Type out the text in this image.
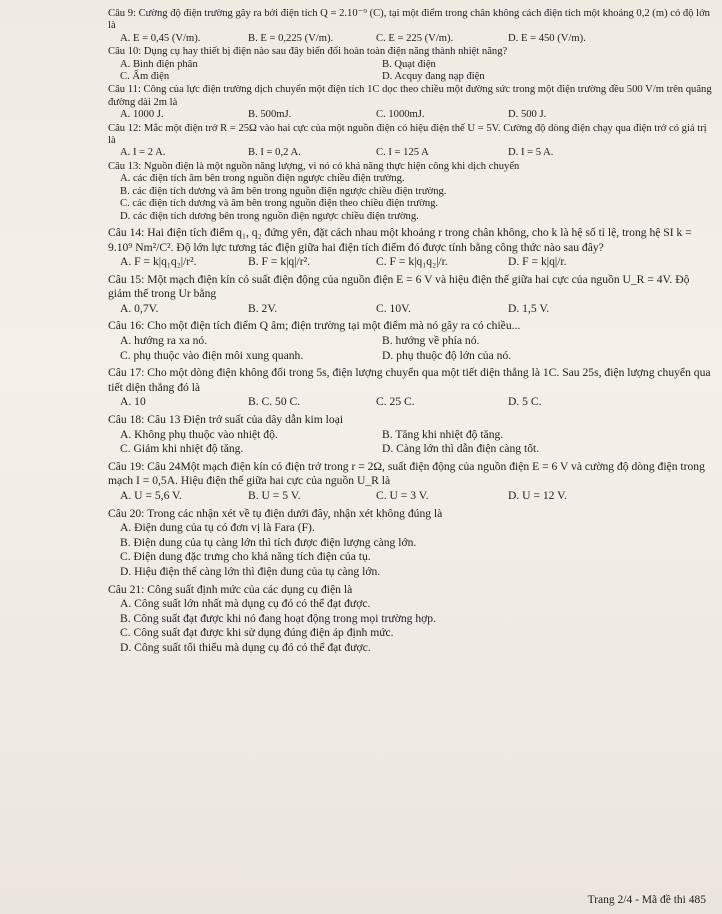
Câu 9: Cường độ điện trường gây ra bởi điện tích Q = 2.10⁻⁹ (C), tại một điểm trong chân không cách điện tích một khoảng 0,2 (m) có độ lớn là

A. E = 0,45 (V/m).	B. E = 0,225 (V/m).	C. E = 225 (V/m).	D. E = 450 (V/m).

Câu 10: Dụng cụ hay thiết bị điện nào sau đây biến đổi hoàn toàn điện năng thành nhiệt năng?

A. Bình điện phân	B. Quạt điện
C. Ấm điện	D. Acquy đang nạp điện

Câu 11: Công của lực điện trường dịch chuyển một điện tích 1C dọc theo chiều một đường sức trong một điện trường đều 500 V/m trên quãng đường dài 2m là

A. 1000 J.	B. 500mJ.	C. 1000mJ.	D. 500 J.

Câu 12: Mắc một điện trở R = 25Ω vào hai cực của một nguồn điện có hiệu điện thế U = 5V. Cường độ dòng điện chạy qua điện trở có giá trị là

A. I = 2 A.	B. I = 0,2 A.	C. I = 125 A	D. I = 5 A.

Câu 13: Nguồn điện là một nguồn năng lượng, vì nó có khả năng thực hiện công khi dịch chuyển

A. các điện tích âm bên trong nguồn điện ngược chiều điện trường.
B. các điện tích dương và âm bên trong nguồn điện ngược chiều điện trường.
C. các điện tích dương và âm bên trong nguồn điện theo chiều điện trường.
D. các điện tích dương bên trong nguồn điện ngược chiều điện trường.

Câu 14: Hai điện tích điểm q₁, q₂ đứng yên, đặt cách nhau một khoảng r trong chân không, cho k là hệ số tỉ lệ, trong hệ SI k = 9.10⁹ Nm²/C². Độ lớn lực tương tác điện giữa hai điện tích điểm đó được tính bằng công thức nào sau đây?

A. F = k|q₁q₂|/r².	B. F = k|q|/r².	C. F = k|q₁q₂|/r.	D. F = k|q|/r.

Câu 15: Một mạch điện kín có suất điện động của nguồn điện E = 6 V và hiệu điện thế giữa hai cực của nguồn U_R = 4V. Độ giảm thế trong Ur bằng

A. 0,7V.	B. 2V.	C. 10V.	D. 1,5 V.

Câu 16: Cho một điện tích điểm Q âm; điện trường tại một điểm mà nó gây ra có chiều...

A. hướng ra xa nó.	B. hướng về phía nó.
C. phụ thuộc vào điện môi xung quanh.	D. phụ thuộc độ lớn của nó.

Câu 17: Cho một dòng điện không đổi trong 5s, điện lượng chuyển qua một tiết diện thẳng là 1C. Sau 25s, điện lượng chuyển qua tiết diện thẳng đó là

A. 10	B. C. 50 C.	C. 25 C.	D. 5 C.

Câu 18: Câu 13 Điện trở suất của dây dẫn kim loại

A. Không phụ thuộc vào nhiệt độ.	B. Tăng khi nhiệt độ tăng.
C. Giảm khi nhiệt độ tăng.	D. Càng lớn thì dẫn điện càng tốt.

Câu 19: Câu 24Một mạch điện kín có điện trở trong r = 2Ω, suất điện động của nguồn điện E = 6 V và cường độ dòng điện trong mạch I = 0,5A. Hiệu điện thế giữa hai cực của nguồn U_R là

A. U = 5,6 V.	B. U = 5 V.	C. U = 3 V.	D. U = 12 V.

Câu 20: Trong các nhận xét về tụ điện dưới đây, nhận xét không đúng là

A. Điện dung của tụ có đơn vị là Fara (F).
B. Điện dung của tụ càng lớn thì tích được điện lượng càng lớn.
C. Điện dung đặc trưng cho khả năng tích điện của tụ.
D. Hiệu điện thế càng lớn thì điện dung của tụ càng lớn.

Câu 21: Công suất định mức của các dụng cụ điện là

A. Công suất lớn nhất mà dụng cụ đó có thể đạt được.
B. Công suất đạt được khi nó đang hoạt động trong mọi trường hợp.
C. Công suất đạt được khi sử dụng đúng điện áp định mức.
D. Công suất tối thiểu mà dụng cụ đó có thể đạt được.
Trang 2/4 - Mã đề thi 485
